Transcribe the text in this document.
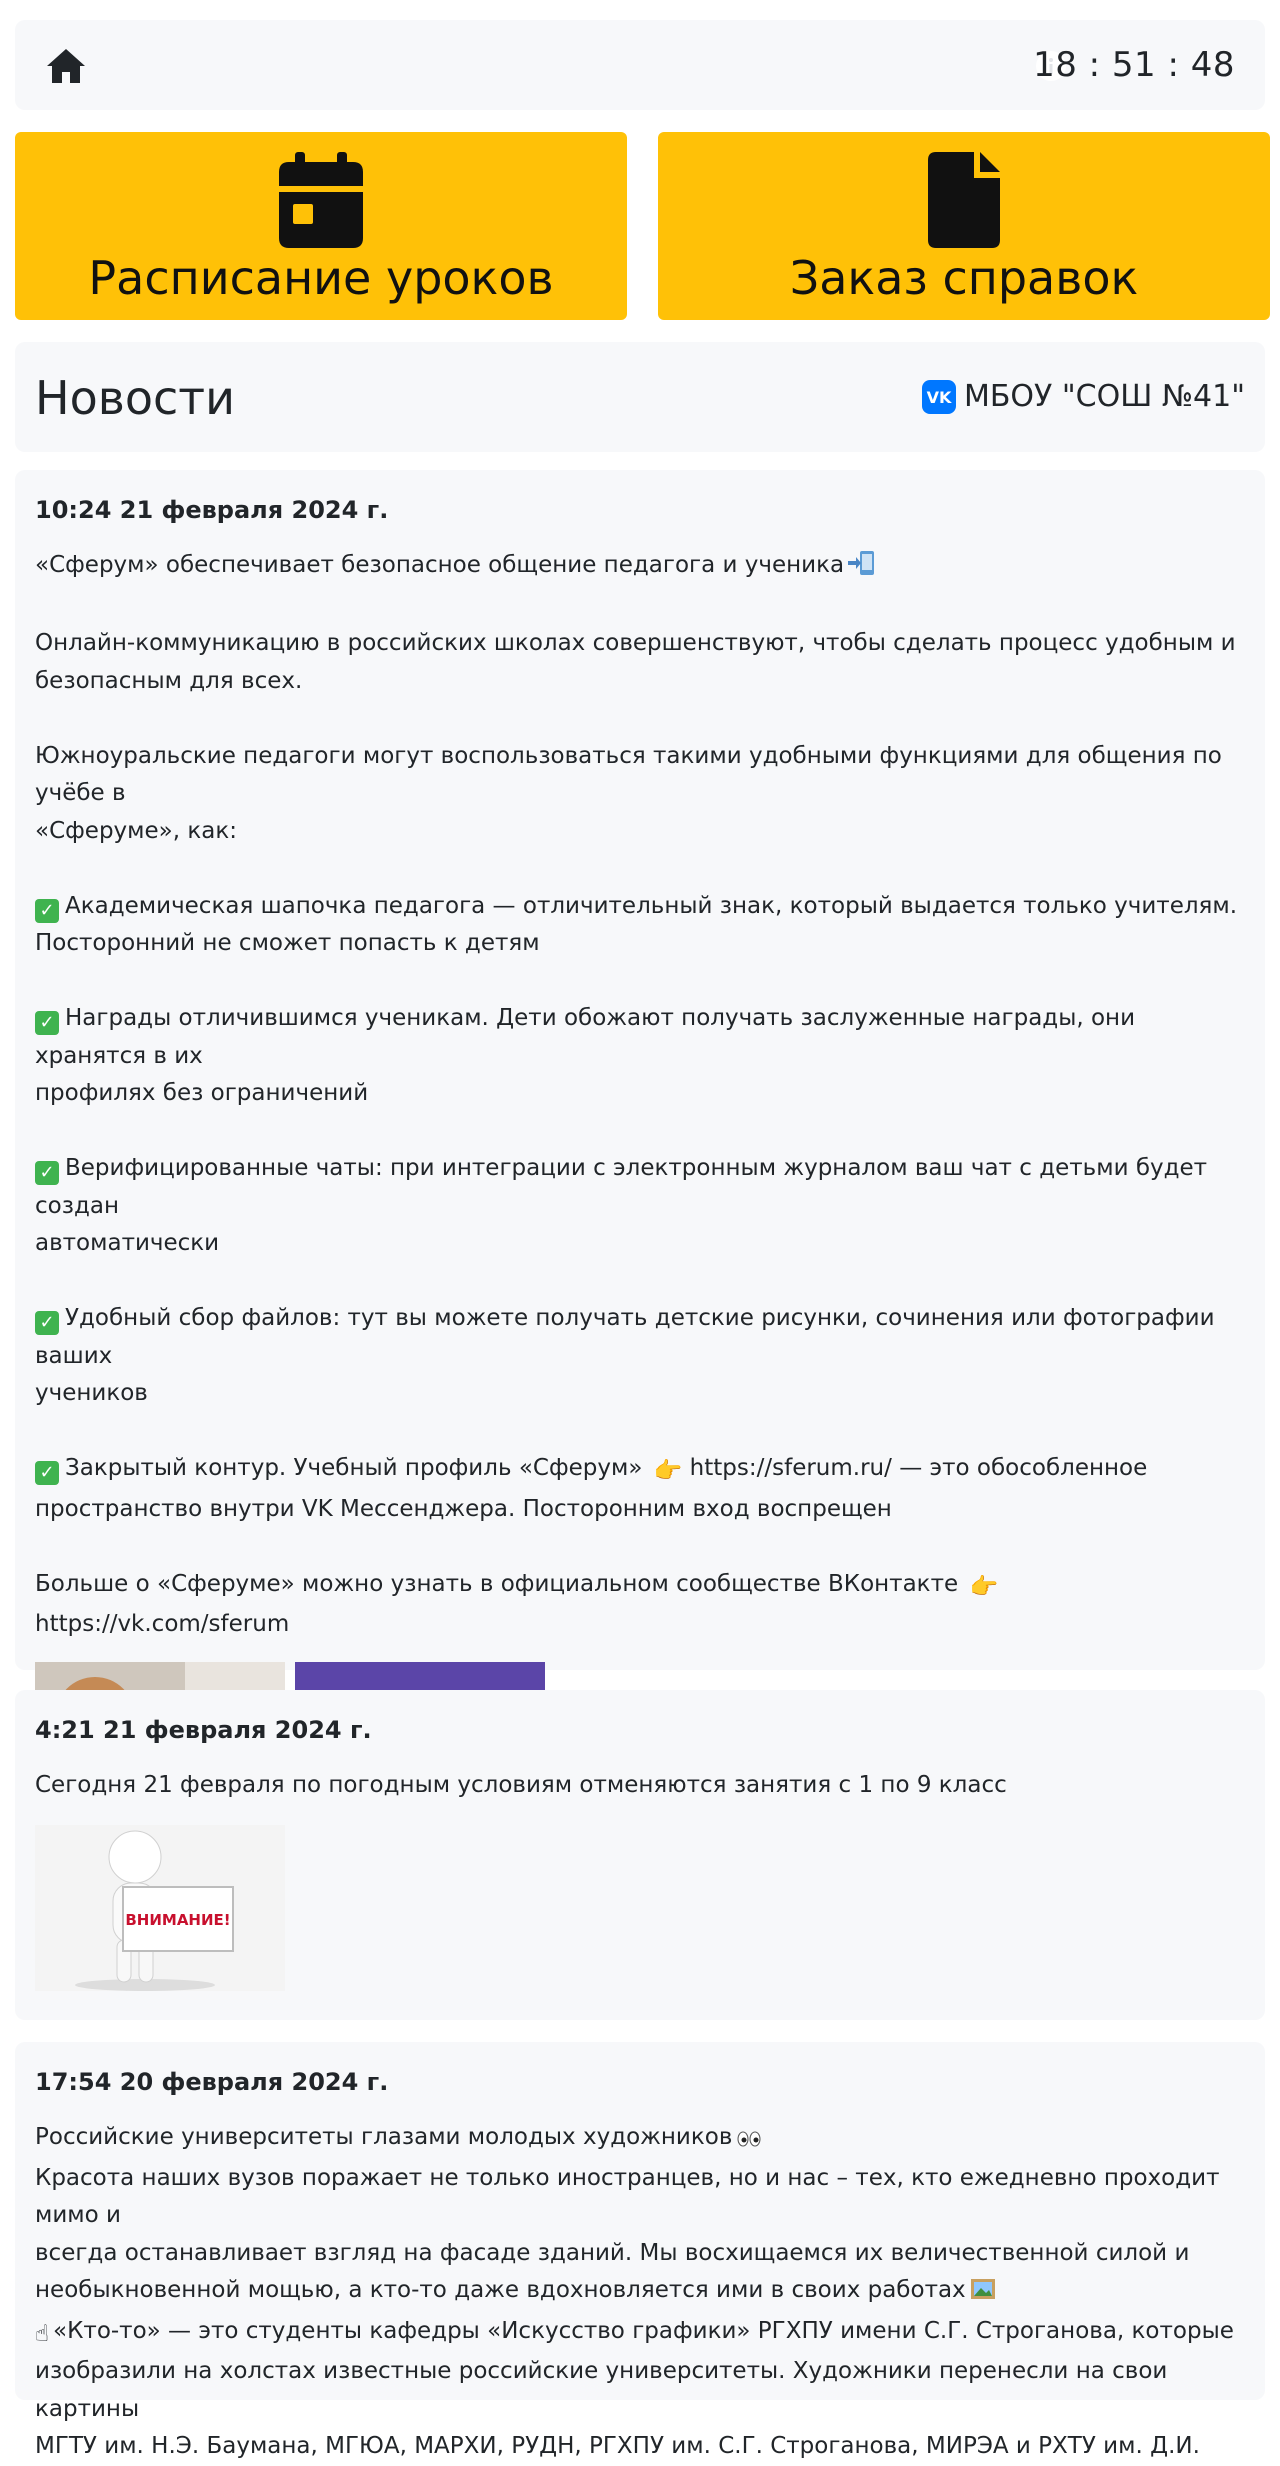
18 : 51 : 48
Расписание уроков	Заказ справок
Новости	VK МБОУ "СОШ №41"
10:24 21 февраля 2024 г.

«Сферум» обеспечивает безопасное общение педагога и ученика

Онлайн-коммуникацию в российских школах совершенствуют, чтобы сделать процесс удобным и

безопасным для всех.

Южноуральские педагоги могут воспользоваться такими удобными функциями для общения по учёбе в

«Сферуме», как:

✓ Академическая шапочка педагога — отличительный знак, который выдается только учителям.

Посторонний не сможет попасть к детям

✓ Награды отличившимся ученикам. Дети обожают получать заслуженные награды, они хранятся в их

профилях без ограничений

✓ Верифицированные чаты: при интеграции с электронным журналом ваш чат с детьми будет создан

автоматически

✓ Удобный сбор файлов: тут вы можете получать детские рисунки, сочинения или фотографии ваших

учеников

✓ Закрытый контур. Учебный профиль «Сферум» 👉 https://sferum.ru/ — это обособленное

пространство внутри VK Мессенджера. Посторонним вход воспрещен

Больше о «Сферуме» можно узнать в официальном сообществе ВКонтакте 👉 https://vk.com/sferum

4:21 21 февраля 2024 г.

Сегодня 21 февраля по погодным условиям отменяются занятия с 1 по 9 класс

ВНИМАНИЕ!
17:54 20 февраля 2024 г.

Российские университеты глазами молодых художников

Красота наших вузов поражает не только иностранцев, но и нас – тех, кто ежедневно проходит мимо и

всегда останавливает взгляд на фасаде зданий. Мы восхищаемся их величественной силой и

необыкновенной мощью, а кто-то даже вдохновляется ими в своих работах

☝ «Кто-то» — это студенты кафедры «Искусство графики» РГХПУ имени С.Г. Строганова, которые

изобразили на холстах известные российские университеты. Художники перенесли на свои картины

МГТУ им. Н.Э. Баумана, МГЮА, МАРХИ, РУДН, РГХПУ им. С.Г. Строганова, МИРЭА и РХТУ им. Д.И.
